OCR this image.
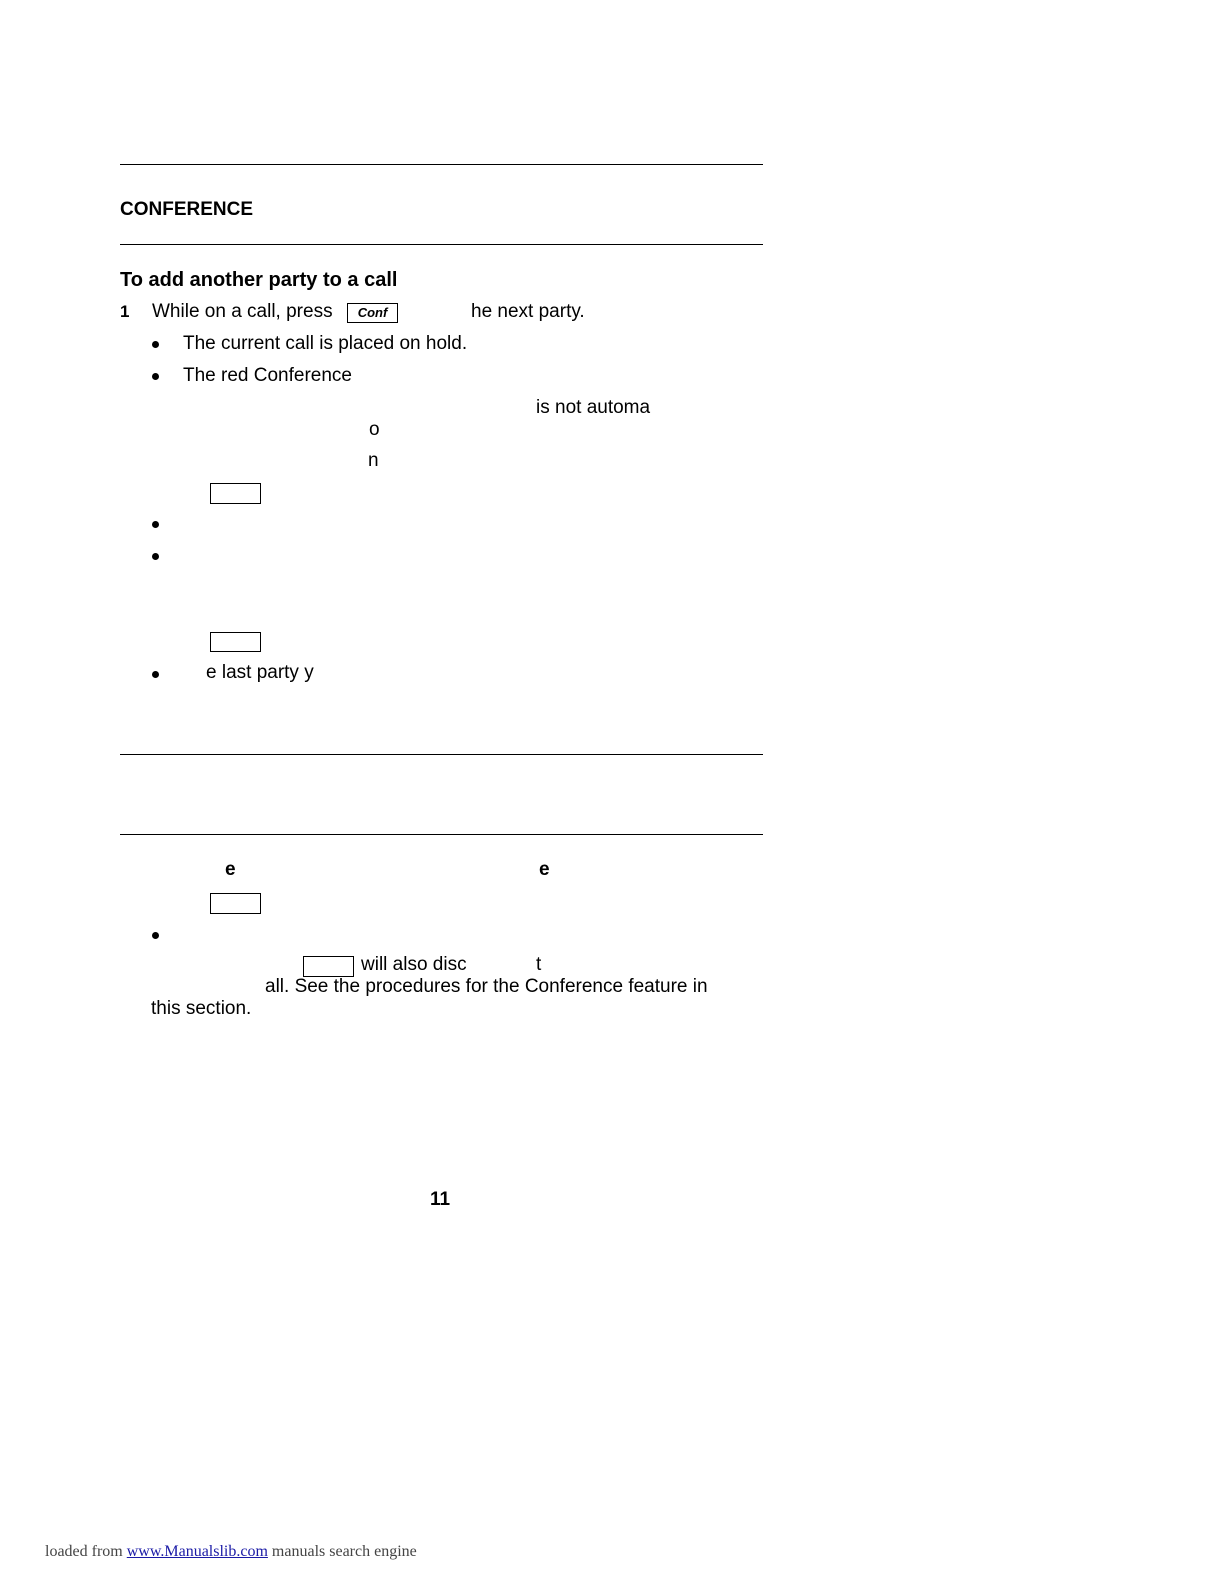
CONFERENCE
To add another party to a call
1 While on a call, press	Conf	he next party.
The current call is placed on hold.
The red Conference
is not automa
o
n
e last party y
e	e
will also disc	t
all. See the procedures for the Conference feature in
this section.
11
loaded from www.Manualslib.com manuals search engine
